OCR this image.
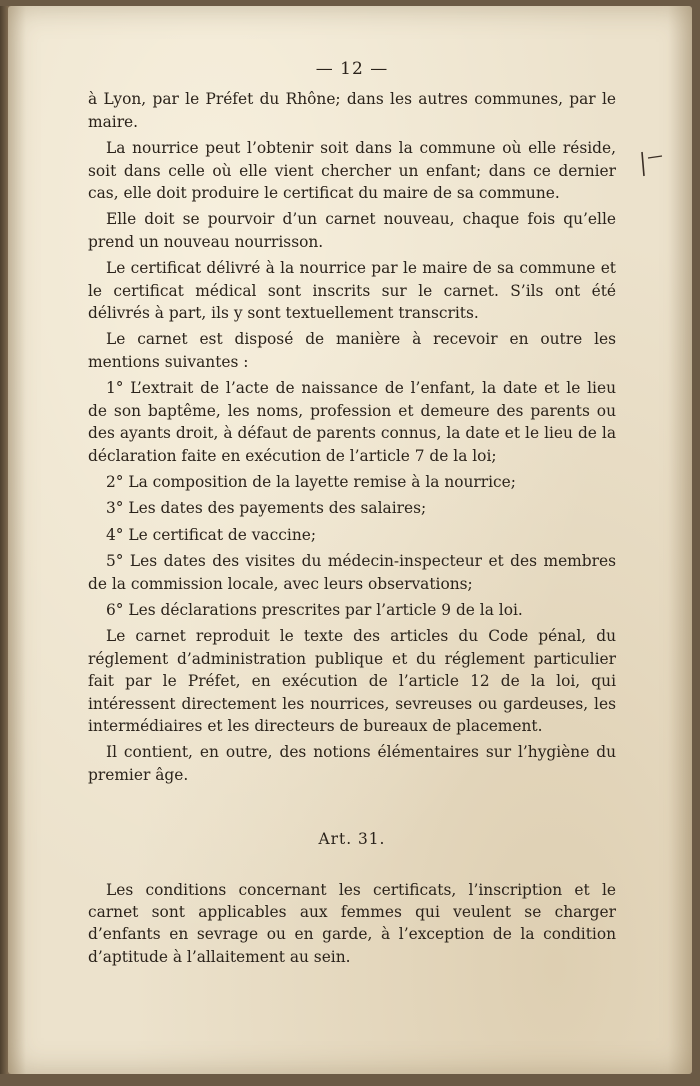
— 12 —

à Lyon, par le Préfet du Rhône; dans les autres communes, par le maire.

La nourrice peut l’obtenir soit dans la commune où elle réside, soit dans celle où elle vient chercher un enfant; dans ce dernier cas, elle doit produire le certificat du maire de sa commune.

Elle doit se pourvoir d’un carnet nouveau, chaque fois qu’elle prend un nouveau nourrisson.

Le certificat délivré à la nourrice par le maire de sa commune et le certificat médical sont inscrits sur le carnet. S’ils ont été délivrés à part, ils y sont textuellement transcrits.

Le carnet est disposé de manière à recevoir en outre les mentions suivantes :

1° L’extrait de l’acte de naissance de l’enfant, la date et le lieu de son baptême, les noms, profession et demeure des parents ou des ayants droit, à défaut de parents connus, la date et le lieu de la déclaration faite en exécution de l’article 7 de la loi;

2° La composition de la layette remise à la nourrice;

3° Les dates des payements des salaires;

4° Le certificat de vaccine;

5° Les dates des visites du médecin-inspecteur et des membres de la commission locale, avec leurs observations;

6° Les déclarations prescrites par l’article 9 de la loi.

Le carnet reproduit le texte des articles du Code pénal, du réglement d’administration publique et du réglement particulier fait par le Préfet, en exécution de l’article 12 de la loi, qui intéressent directement les nourrices, sevreuses ou gardeuses, les intermédiaires et les directeurs de bureaux de placement.

Il contient, en outre, des notions élémentaires sur l’hygiène du premier âge.

Art. 31.

Les conditions concernant les certificats, l’inscription et le carnet sont applicables aux femmes qui veulent se charger d’enfants en sevrage ou en garde, à l’exception de la condition d’aptitude à l’allaitement au sein.
